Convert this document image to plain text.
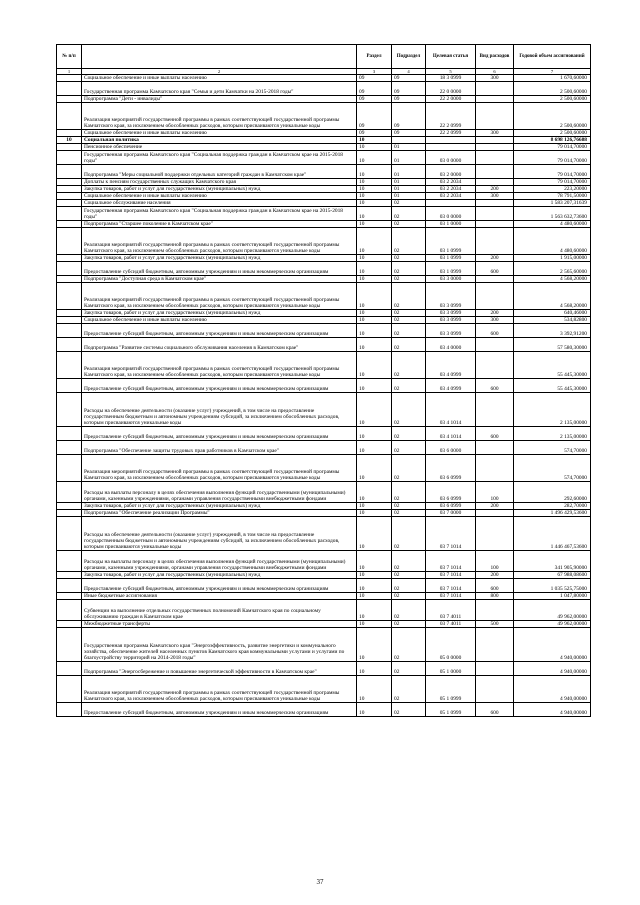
№ п/п		Раздел	Подраздел	Целевая статья	Вид расходов	Годовой объем ассигнований
1	2	3	4	5	6	7
	Социальное обеспечение и иные выплаты населению	09	09	18 3 0999	300	1 670,60000
	Государственная программа Камчатского края "Семья и дети Камчатки на 2015-2018 годы"	09	09	22 0 0000		2 500,60000
	Подпрограмма "Дети - инвалиды"	09	09	22 2 0000		2 500,60000
	Реализация мероприятий государственной программы в рамках соответствующей государственной программы Камчатского края, за исключением обособленных расходов, которым присваиваются уникальные коды	09	09	22 2 0999		2 500,60000
	Социальное обеспечение и иные выплаты населению	09	09	22 2 0999	300	2 500,60000
10	Социальная политика	10				8 698 126,76688
	Пенсионное обеспечение	10	01			79 014,70000
	Государственная программа Камчатского края "Социальная поддержка граждан в Камчатском крае на 2015-2018 годы"	10	01	03 0 0000		79 014,70000
	Подпрограмма "Меры социальной поддержки отдельных категорий граждан в Камчатском крае"	10	01	03 2 0000		79 014,70000
	Доплаты к пенсиям государственных служащих Камчатского края	10	01	03 2 2034		79 014,70000
	Закупка товаров, работ и услуг для государственных (муниципальных) нужд	10	01	03 2 2034	200	223,20000
	Социальное обеспечение и иные выплаты населению	10	01	03 2 2034	300	78 791,50000
	Социальное обслуживание населения	10	02			1 583 207,31639
	Государственная программа Камчатского края "Социальная поддержка граждан в Камчатском крае на 2015-2018 годы"	10	02	03 0 0000		1 563 632,73600
	Подпрограмма "Старшее поколение в Камчатском крае"	10	02	03 1 0000		4 480,60000
	Реализация мероприятий государственной программы в рамках соответствующей государственной программы Камчатского края, за исключением обособленных расходов, которым присваиваются уникальные коды	10	02	03 1 0999		4 480,60000
	Закупка товаров, работ и услуг для государственных (муниципальных) нужд	10	02	03 1 0999	200	1 915,00000
	Предоставление субсидий бюджетным, автономным учреждениям и иным некоммерческим организациям	10	02	03 1 0999	600	2 565,60000
	Подпрограмма "Доступная среда в Камчатском крае"	10	02	03 3 0000		4 568,20000
	Реализация мероприятий государственной программы в рамках соответствующей государственной программы Камчатского края, за исключением обособленных расходов, которым присваиваются уникальные коды	10	02	03 3 0999		4 568,20000
	Закупка товаров, работ и услуг для государственных (муниципальных) нужд	10	02	03 3 0999	200	640,46000
	Социальное обеспечение и иные выплаты населению	10	02	03 3 0999	300	534,82800
	Предоставление субсидий бюджетным, автономным учреждениям и иным некоммерческим организациям	10	02	03 3 0999	600	3 392,91200
	Подпрограмма "Развитие системы социального обслуживания населения в Камчатском крае"	10	02	03 4 0000		57 580,30000
	Реализация мероприятий государственной программы в рамках соответствующей государственной программы Камчатского края, за исключением обособленных расходов, которым присваиваются уникальные коды	10	02	03 4 0999		55 445,30000
	Предоставление субсидий бюджетным, автономным учреждениям и иным некоммерческим организациям	10	02	03 4 0999	600	55 445,30000
	Расходы на обеспечение деятельности (оказание услуг) учреждений, в том числе на предоставление государственным бюджетным и автономным учреждениям субсидий, за исключением обособленных расходов, которым присваиваются уникальные коды	10	02	03 4 1014		2 135,00000
	Предоставление субсидий бюджетным, автономным учреждениям и иным некоммерческим организациям	10	02	03 4 1014	600	2 135,00000
	Подпрограмма "Обеспечение защиты трудовых прав работников в Камчатском крае"	10	02	03 6 0000		574,70000
	Реализация мероприятий государственной программы в рамках соответствующей государственной программы Камчатского края, за исключением обособленных расходов, которым присваиваются уникальные коды	10	02	03 6 0999		574,70000
	Расходы на выплаты персоналу в целях обеспечения выполнения функций государственными (муниципальными) органами, казенными учреждениями, органами управления государственными внебюджетными фондами	10	02	03 6 0999	100	292,60000
	Закупка товаров, работ и услуг для государственных (муниципальных) нужд	10	02	03 6 0999	200	282,70000
	Подпрограмма "Обеспечение реализации Программы"	10	02	03 7 0000		1 496 429,53600
	Расходы на обеспечение деятельности (оказание услуг) учреждений, в том числе на предоставление государственным бюджетным и автономным учреждениям субсидий, за исключением обособленных расходов, которым присваиваются уникальные коды	10	02	03 7 1014		1 446 467,53600
	Расходы на выплаты персоналу в целях обеспечения выполнения функций государственными (муниципальными) органами, казенными учреждениями, органами управления государственными внебюджетными фондами	10	02	03 7 1014	100	341 905,90000
	Закупка товаров, работ и услуг для государственных (муниципальных) нужд	10	02	03 7 1014	200	67 988,08600
	Предоставление субсидий бюджетным, автономным учреждениям и иным некоммерческим организациям	10	02	03 7 1014	600	1 035 525,75000
	Иные бюджетные ассигнования	10	02	03 7 1014	800	1 047,80000
	Субвенции на выполнение отдельных государственных полномочий Камчатского края по социальному обслуживанию граждан в Камчатском крае	10	02	03 7 4011		49 962,00000
	Межбюджетные трансферты	10	02	03 7 4011	500	49 962,00000
	Государственная программа Камчатского края "Энергоэффективность, развитие энергетики и коммунального хозяйства, обеспечение жителей населенных пунктов Камчатского края коммунальными услугами и услугами по благоустройству территорий на 2014-2018 годы"	10	02	05 0 0000		4 940,00000
	Подпрограмма "Энергосбережение и повышение энергетической эффективности в Камчатском крае"	10	02	05 1 0000		4 940,00000
	Реализация мероприятий государственной программы в рамках соответствующей государственной программы Камчатского края, за исключением обособленных расходов, которым присваиваются уникальные коды	10	02	05 1 0999		4 940,00000
	Предоставление субсидий бюджетным, автономным учреждениям и иным некоммерческим организациям	10	02	05 1 0999	600	4 940,00000
37
